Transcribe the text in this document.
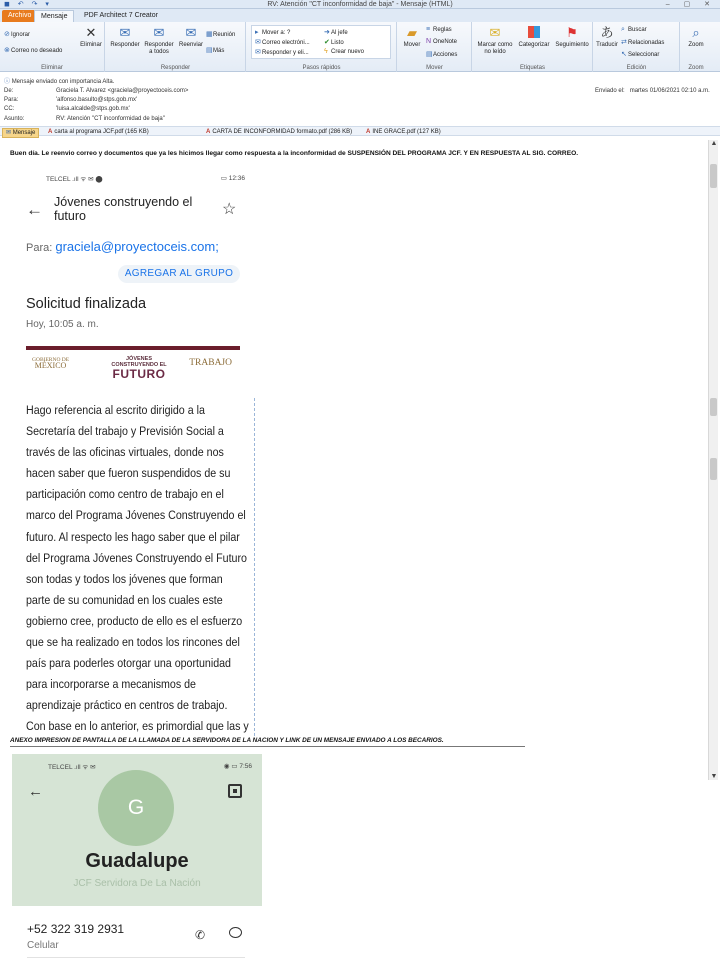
◼ ↶ ↷ ▾	RV: Atención "CT inconformidad de baja" - Mensaje (HTML)	– ▢ ✕
Archivo	Mensaje	PDF Architect 7 Creator
⊘Ignorar
⊗Correo no deseado
✕
Eliminar
Eliminar
✉
Responder
✉
Responder
a todos
✉
Reenviar
▦Reunión
▤Más
Responder
▸ Mover a: ?
✉Correo electróni...
✉Responder y eli...
➜Al jefe
✔Listo
ϟ Crear nuevo
Pasos rápidos
▰
Mover
≡ Reglas
N OneNote
▤Acciones
Mover
✉
Marcar como
no leído
Categorizar
⚑
Seguimiento
Etiquetas
あ
Traducir
⌕ Buscar
⇄Relacionadas
↖Seleccionar
Edición
⌕
Zoom
Zoom
ⓘ Mensaje enviado con importancia Alta.
De:	Graciela T. Alvarez <graciela@proyectoceis.com>
Para:	'alfonso.basulto@stps.gob.mx'
CC:	'luisa.alcalde@stps.gob.mx'
Asunto:	RV: Atención "CT inconformidad de baja"
Enviado el: martes 01/06/2021 02:10 a.m.
✉ Mensaje	A carta al programa JCF.pdf (165 KB)	A CARTA DE INCONFORMIDAD formato.pdf (286 KB) A INE GRACE.pdf (127 KB)
Buen día. Le reenvio correo y documentos que ya les hicimos llegar como respuesta a la inconformidad de SUSPENSIÓN DEL PROGRAMA JCF. Y EN RESPUESTA AL SIG. CORREO.
▲
▼
TELCEL .ıll ᯤ ✉ ⬤	▭ 12:36
← Jóvenes construyendo el futuro	☆
Para: graciela@proyectoceis.com;
AGREGAR AL GRUPO
Solicitud finalizada
Hoy, 10:05 a. m.
GOBIERNO DE
MÉXICO
JÓVENES
CONSTRUYENDO EL
FUTURO
TRABAJO
Hago referencia al escrito dirigido a la Secretaría del trabajo y Previsión Social a través de las oficinas virtuales, donde nos hacen saber que fueron suspendidos de su participación como centro de trabajo en el marco del Programa Jóvenes Construyendo el futuro. Al respecto les hago saber que el pilar del Programa Jóvenes Construyendo el Futuro son todas y todos los jóvenes que forman parte de su comunidad en los cuales este gobierno cree, producto de ello es el esfuerzo que se ha realizado en todos los rincones del país para poderles otorgar una oportunidad para incorporarse a mecanismos de aprendizaje práctico en centros de trabajo. Con base en lo anterior, es primordial que las y
ANEXO IMPRESIÓN DE PANTALLA DE LA LLAMADA DE LA SERVIDORA DE LA NACIÓN Y LINK DE UN MENSAJE ENVIADO A LOS BECARIOS.
TELCEL .ıll ᯤ ✉	◉ ▭ 7:56
←
G
Guadalupe
JCF Servidora De La Nación
+52 322 319 2931
Celular
✆
